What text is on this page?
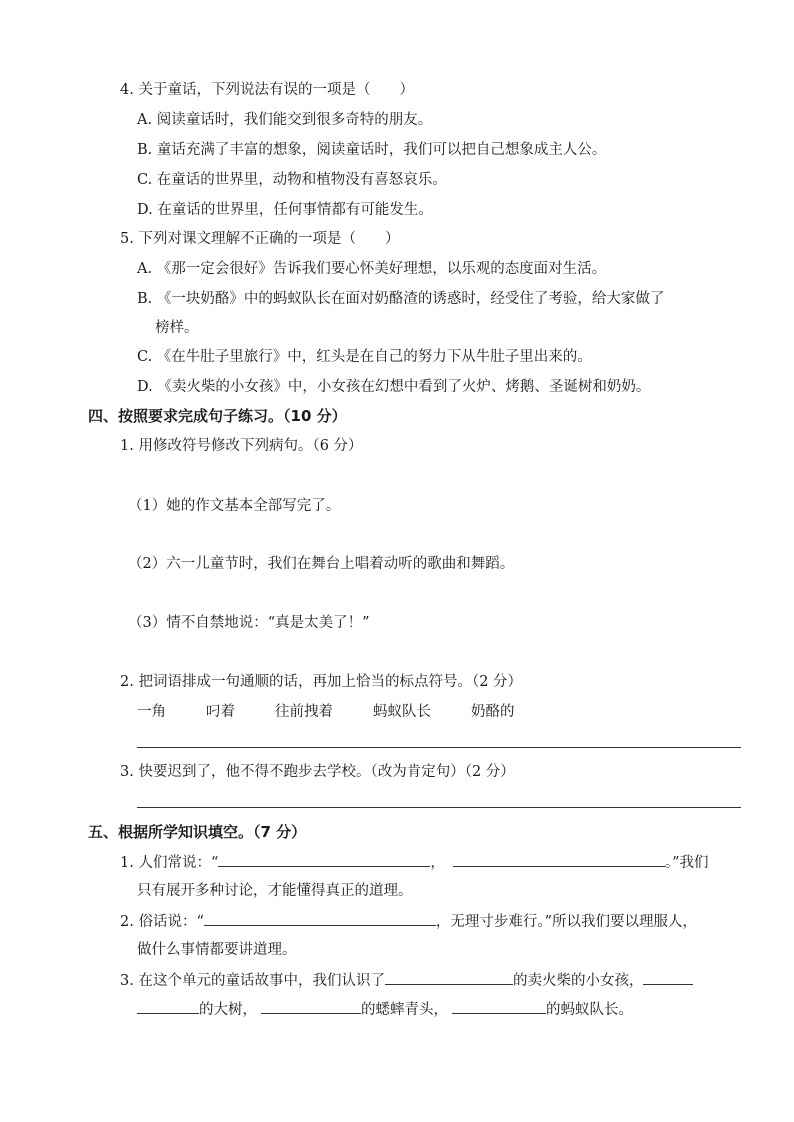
4. 关于童话，下列说法有误的一项是（　　）
A. 阅读童话时，我们能交到很多奇特的朋友。
B. 童话充满了丰富的想象，阅读童话时，我们可以把自己想象成主人公。
C. 在童话的世界里，动物和植物没有喜怒哀乐。
D. 在童话的世界里，任何事情都有可能发生。
5. 下列对课文理解不正确的一项是（　　）
A. 《那一定会很好》告诉我们要心怀美好理想，以乐观的态度面对生活。
B. 《一块奶酪》中的蚂蚁队长在面对奶酪渣的诱惑时，经受住了考验，给大家做了
榜样。
C. 《在牛肚子里旅行》中，红头是在自己的努力下从牛肚子里出来的。
D. 《卖火柴的小女孩》中，小女孩在幻想中看到了火炉、烤鹅、圣诞树和奶奶。
四、按照要求完成句子练习。（10 分）
1. 用修改符号修改下列病句。（6 分）
（1）她的作文基本全部写完了。
（2）六一儿童节时，我们在舞台上唱着动听的歌曲和舞蹈。
（3）情不自禁地说：“真是太美了！”
2. 把词语排成一句通顺的话，再加上恰当的标点符号。（2 分）
一角	叼着	往前拽着	蚂蚁队长	奶酪的
3. 快要迟到了，他不得不跑步去学校。（改为肯定句）（2 分）
五、根据所学知识填空。（7 分）
1. 人们常说：“	，	。”我们
只有展开多种讨论，才能懂得真正的道理。
2. 俗话说：“	，无理寸步难行。”所以我们要以理服人，
做什么事情都要讲道理。
3. 在这个单元的童话故事中，我们认识了	的卖火柴的小女孩，
的大树，	的蟋蟀青头，	的蚂蚁队长。
